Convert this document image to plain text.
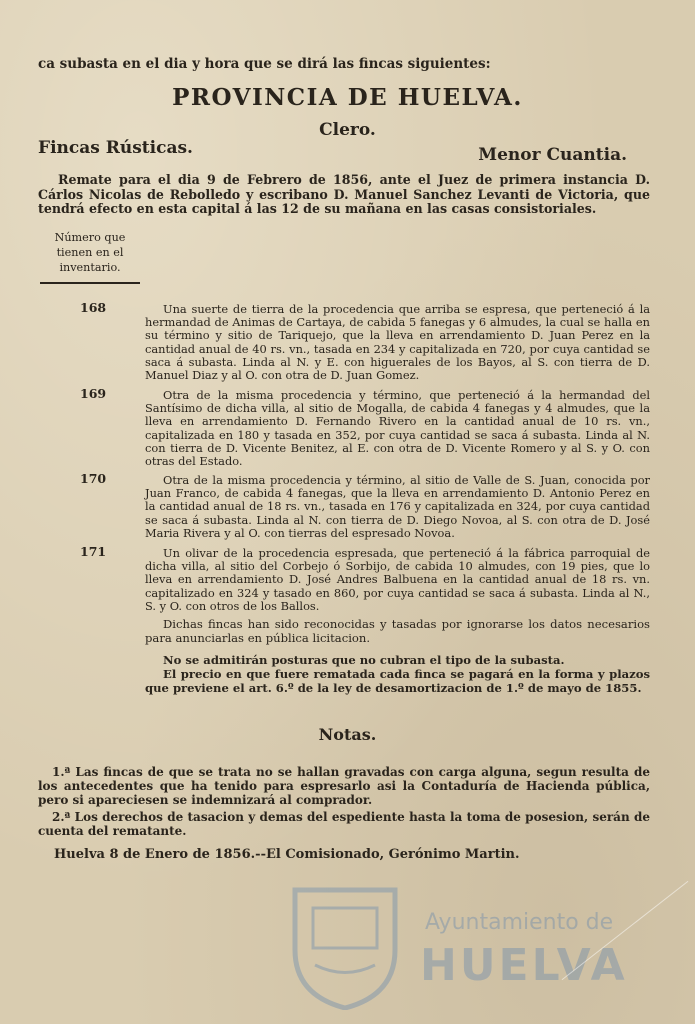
ca subasta en el dia y hora que se dirá las fincas siguientes:
PROVINCIA DE HUELVA.
Clero.
Fincas Rústicas.	Menor Cuantia.
Remate para el dia 9 de Febrero de 1856, ante el Juez de primera instancia D. Cárlos Nicolas de Rebolledo y escribano D. Manuel Sanchez Levanti de Victoria, que tendrá efecto en esta capital á las 12 de su mañana en las casas consistoriales.
Número que tienen en el inventario.
168	Una suerte de tierra de la procedencia que arriba se espresa, que perteneció á la hermandad de Animas de Cartaya, de cabida 5 fanegas y 6 almudes, la cual se halla en su término y sitio de Tariquejo, que la lleva en arrendamiento D. Juan Perez en la cantidad anual de 40 rs. vn., tasada en 234 y capitalizada en 720, por cuya cantidad se saca á subasta. Linda al N. y E. con higuerales de los Bayos, al S. con tierra de D. Manuel Diaz y al O. con otra de D. Juan Gomez.
169	Otra de la misma procedencia y término, que perteneció á la hermandad del Santísimo de dicha villa, al sitio de Mogalla, de cabida 4 fanegas y 4 almudes, que la lleva en arrendamiento D. Fernando Rivero en la cantidad anual de 10 rs. vn., capitalizada en 180 y tasada en 352, por cuya cantidad se saca á subasta. Linda al N. con tierra de D. Vicente Benitez, al E. con otra de D. Vicente Romero y al S. y O. con otras del Estado.
170	Otra de la misma procedencia y término, al sitio de Valle de S. Juan, conocida por Juan Franco, de cabida 4 fanegas, que la lleva en arrendamiento D. Antonio Perez en la cantidad anual de 18 rs. vn., tasada en 176 y capitalizada en 324, por cuya cantidad se saca á subasta. Linda al N. con tierra de D. Diego Novoa, al S. con otra de D. José Maria Rivera y al O. con tierras del espresado Novoa.
171	Un olivar de la procedencia espresada, que perteneció á la fábrica parroquial de dicha villa, al sitio del Corbejo ó Sorbijo, de cabida 10 almudes, con 19 pies, que lo lleva en arrendamiento D. José Andres Balbuena en la cantidad anual de 18 rs. vn. capitalizado en 324 y tasado en 860, por cuya cantidad se saca á subasta. Linda al N., S. y O. con otros de los Ballos.
Dichas fincas han sido reconocidas y tasadas por ignorarse los datos necesarios para anunciarlas en pública licitacion.
No se admitirán posturas que no cubran el tipo de la subasta.
El precio en que fuere rematada cada finca se pagará en la forma y plazos que previene el art. 6.º de la ley de desamortizacion de 1.º de mayo de 1855.
Notas.
1.ª Las fincas de que se trata no se hallan gravadas con carga alguna, segun resulta de los antecedentes que ha tenido para espresarlo asi la Contaduría de Hacienda pública, pero si apareciesen se indemnizará al comprador.
2.ª Los derechos de tasacion y demas del espediente hasta la toma de posesion, serán de cuenta del rematante.
Huelva 8 de Enero de 1856.--El Comisionado, Gerónimo Martin.
Ayuntamiento de
HUELVA
